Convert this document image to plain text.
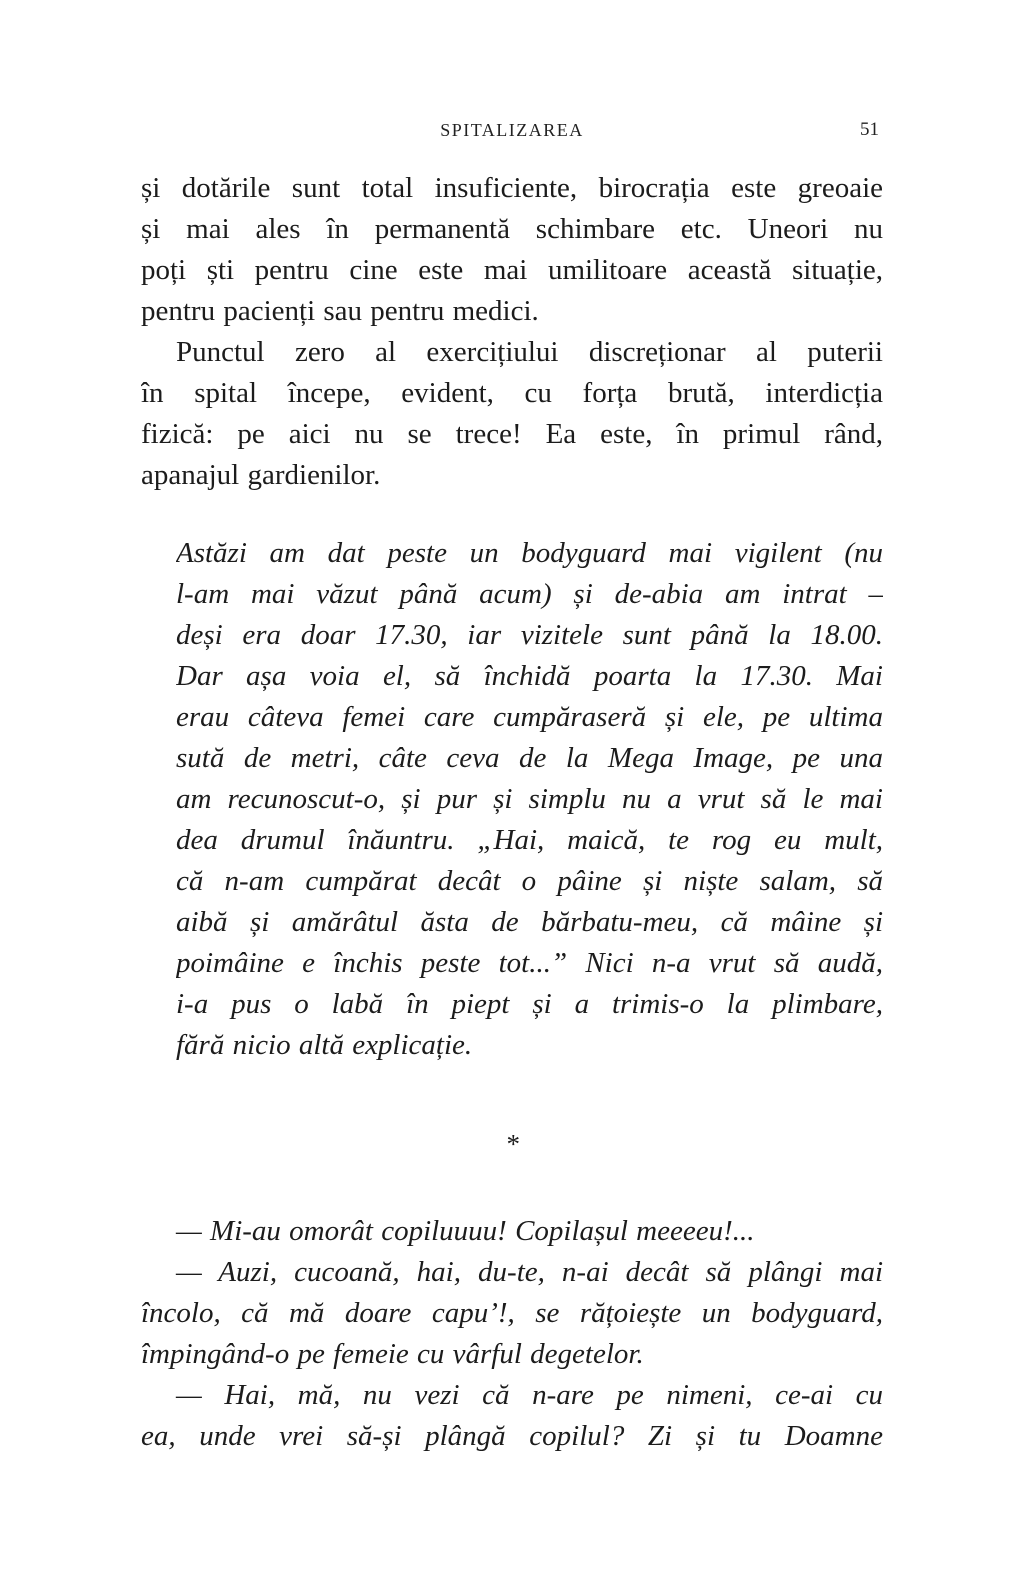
SPITALIZAREA	51
și dotările sunt total insuficiente, birocrația este greoaie
și mai ales în permanentă schimbare etc. Uneori nu
poți ști pentru cine este mai umilitoare această situație,
pentru pacienți sau pentru medici.
Punctul zero al exercițiului discreționar al puterii
în spital începe, evident, cu forța brută, interdicția
fizică: pe aici nu se trece! Ea este, în primul rând,
apanajul gardienilor.
Astăzi am dat peste un bodyguard mai vigilent (nu
l-am mai văzut până acum) și de-abia am intrat –
deși era doar 17.30, iar vizitele sunt până la 18.00.
Dar așa voia el, să închidă poarta la 17.30. Mai
erau câteva femei care cumpăraseră și ele, pe ultima
sută de metri, câte ceva de la Mega Image, pe una
am recunoscut-o, și pur și simplu nu a vrut să le mai
dea drumul înăuntru. „Hai, maică, te rog eu mult,
că n-am cumpărat decât o pâine și niște salam, să
aibă și amărâtul ăsta de bărbatu-meu, că mâine și
poimâine e închis peste tot...” Nici n-a vrut să audă,
i-a pus o labă în piept și a trimis-o la plimbare,
fără nicio altă explicație.
*
— Mi-au omorât copiluuuu! Copilașul meeeeu!...
— Auzi, cucoană, hai, du-te, n-ai decât să plângi mai
încolo, că mă doare capu’!, se rățoiește un bodyguard,
împingând-o pe femeie cu vârful degetelor.
— Hai, mă, nu vezi că n-are pe nimeni, ce-ai cu
ea, unde vrei să-și plângă copilul? Zi și tu Doamne
